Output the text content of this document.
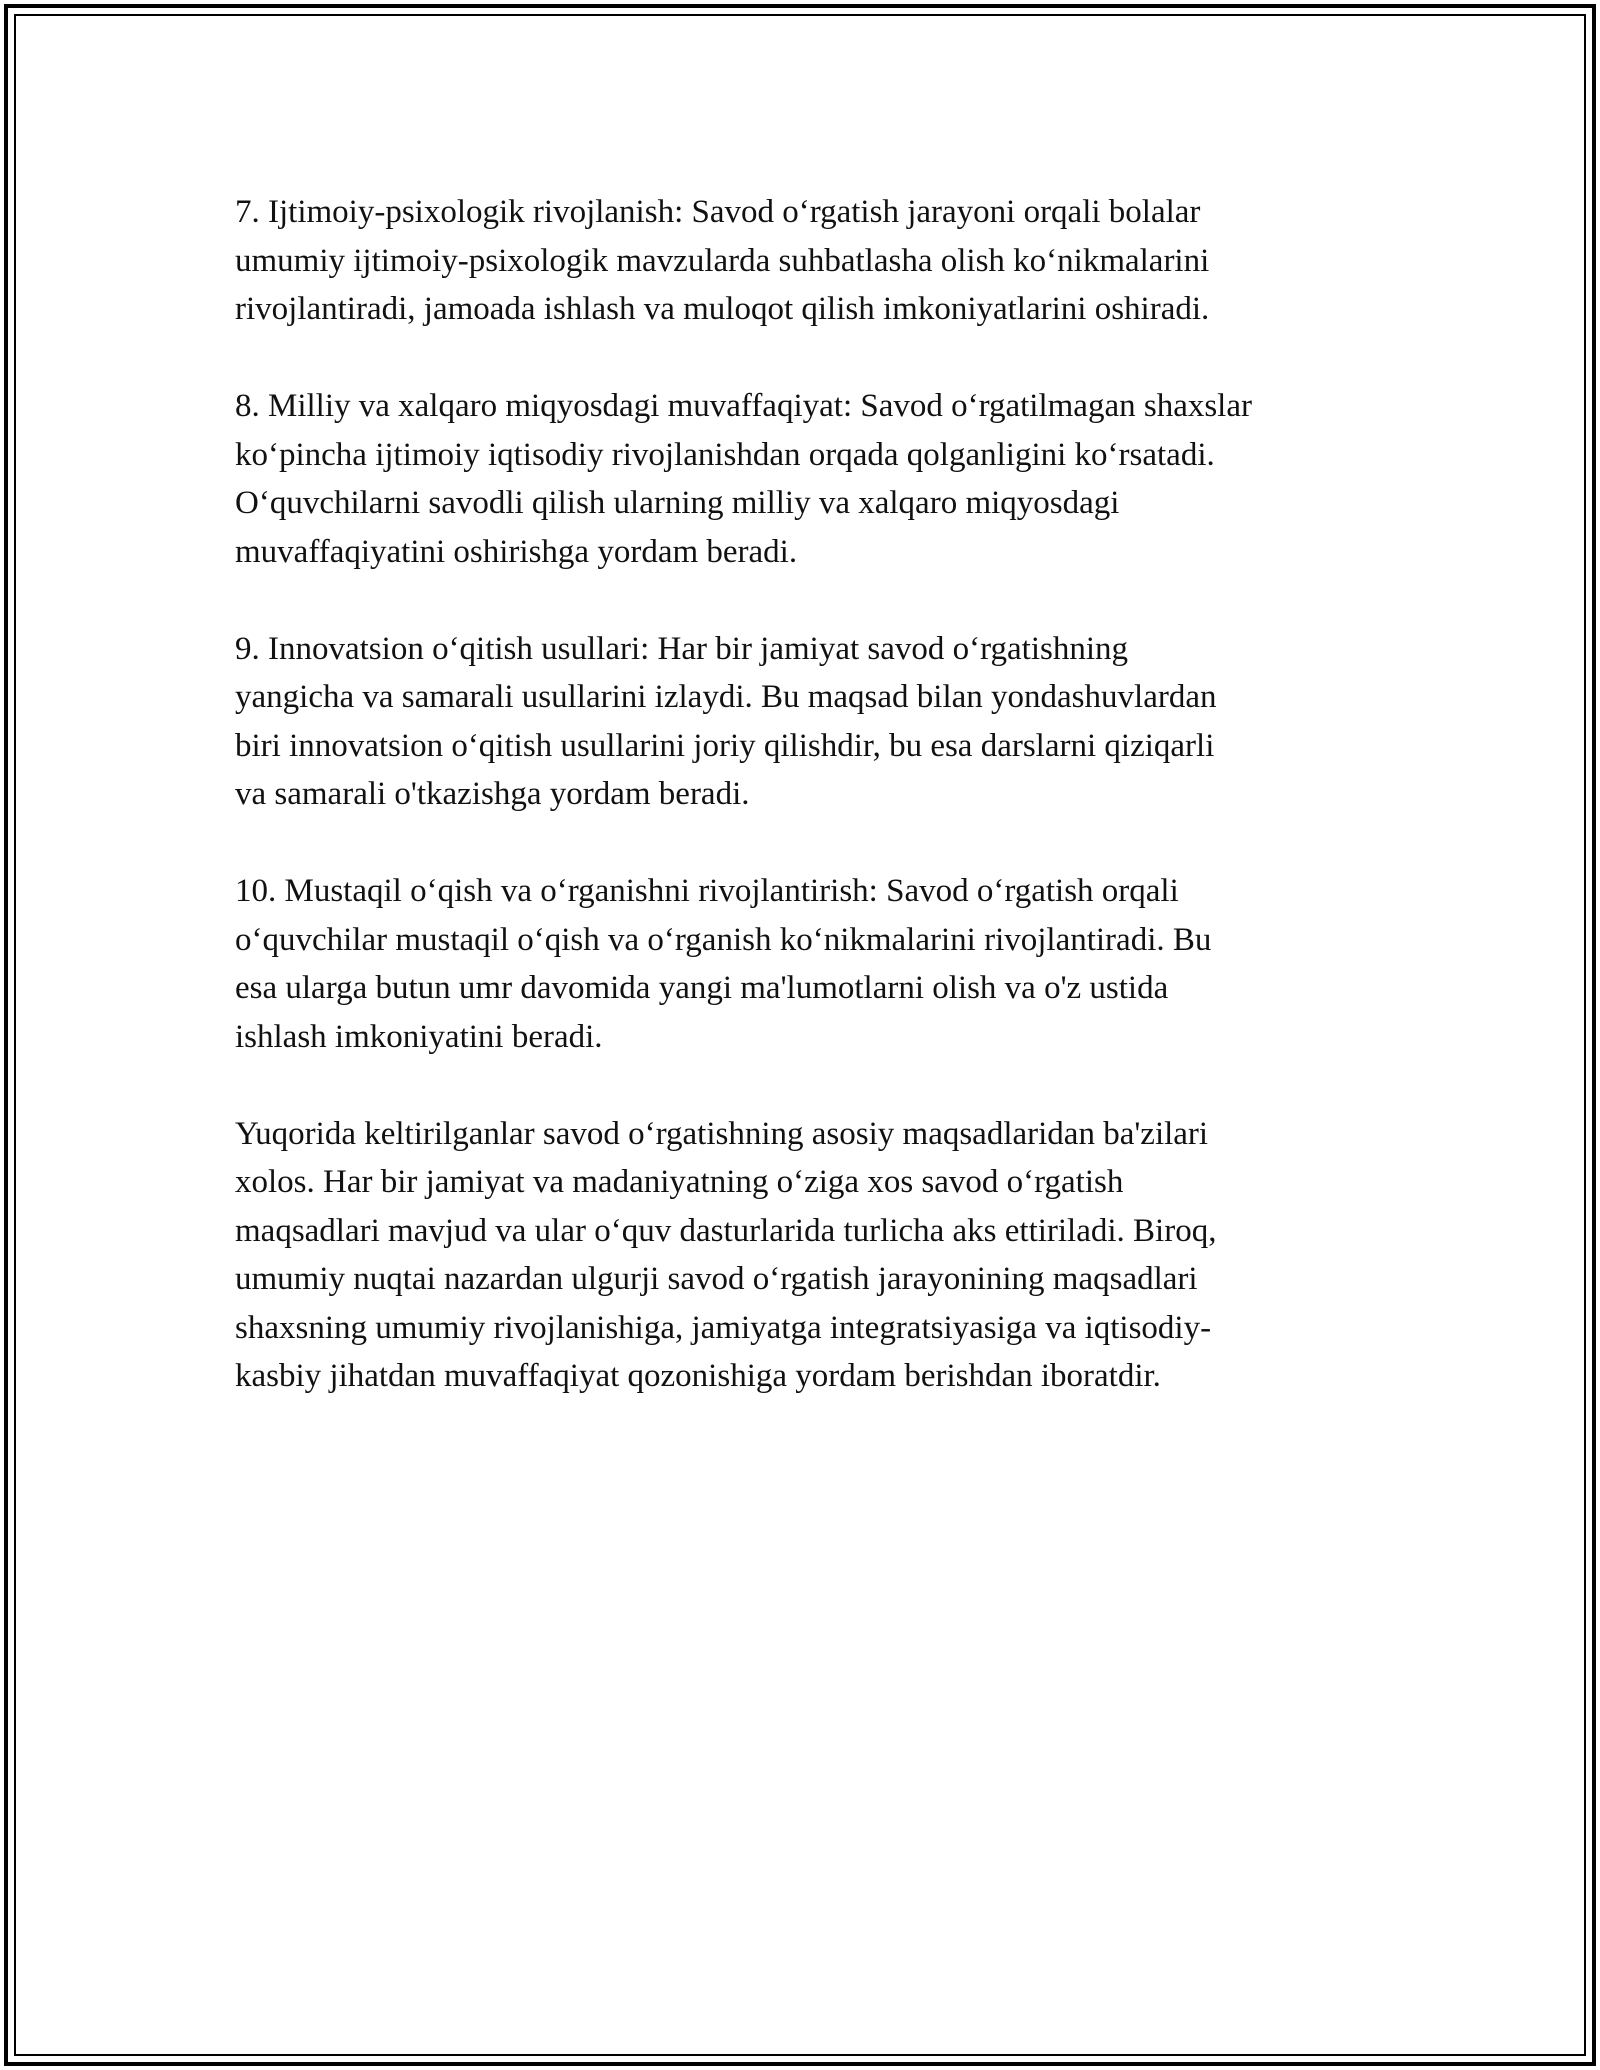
7. Ijtimoiy-psixologik rivojlanish: Savod o‘rgatish jarayoni orqali bolalar
umumiy ijtimoiy-psixologik mavzularda suhbatlasha olish ko‘nikmalarini
rivojlantiradi, jamoada ishlash va muloqot qilish imkoniyatlarini oshiradi.

8. Milliy va xalqaro miqyosdagi muvaffaqiyat: Savod o‘rgatilmagan shaxslar
ko‘pincha ijtimoiy iqtisodiy rivojlanishdan orqada qolganligini ko‘rsatadi.
O‘quvchilarni savodli qilish ularning milliy va xalqaro miqyosdagi
muvaffaqiyatini oshirishga yordam beradi.

9. Innovatsion o‘qitish usullari: Har bir jamiyat savod o‘rgatishning
yangicha va samarali usullarini izlaydi. Bu maqsad bilan yondashuvlardan
biri innovatsion o‘qitish usullarini joriy qilishdir, bu esa darslarni qiziqarli
va samarali o'tkazishga yordam beradi.

10. Mustaqil o‘qish va o‘rganishni rivojlantirish: Savod o‘rgatish orqali
o‘quvchilar mustaqil o‘qish va o‘rganish ko‘nikmalarini rivojlantiradi. Bu
esa ularga butun umr davomida yangi ma'lumotlarni olish va o'z ustida
ishlash imkoniyatini beradi.

Yuqorida keltirilganlar savod o‘rgatishning asosiy maqsadlaridan ba'zilari
xolos. Har bir jamiyat va madaniyatning o‘ziga xos savod o‘rgatish
maqsadlari mavjud va ular o‘quv dasturlarida turlicha aks ettiriladi. Biroq,
umumiy nuqtai nazardan ulgurji savod o‘rgatish jarayonining maqsadlari
shaxsning umumiy rivojlanishiga, jamiyatga integratsiyasiga va iqtisodiy-
kasbiy jihatdan muvaffaqiyat qozonishiga yordam berishdan iboratdir.
